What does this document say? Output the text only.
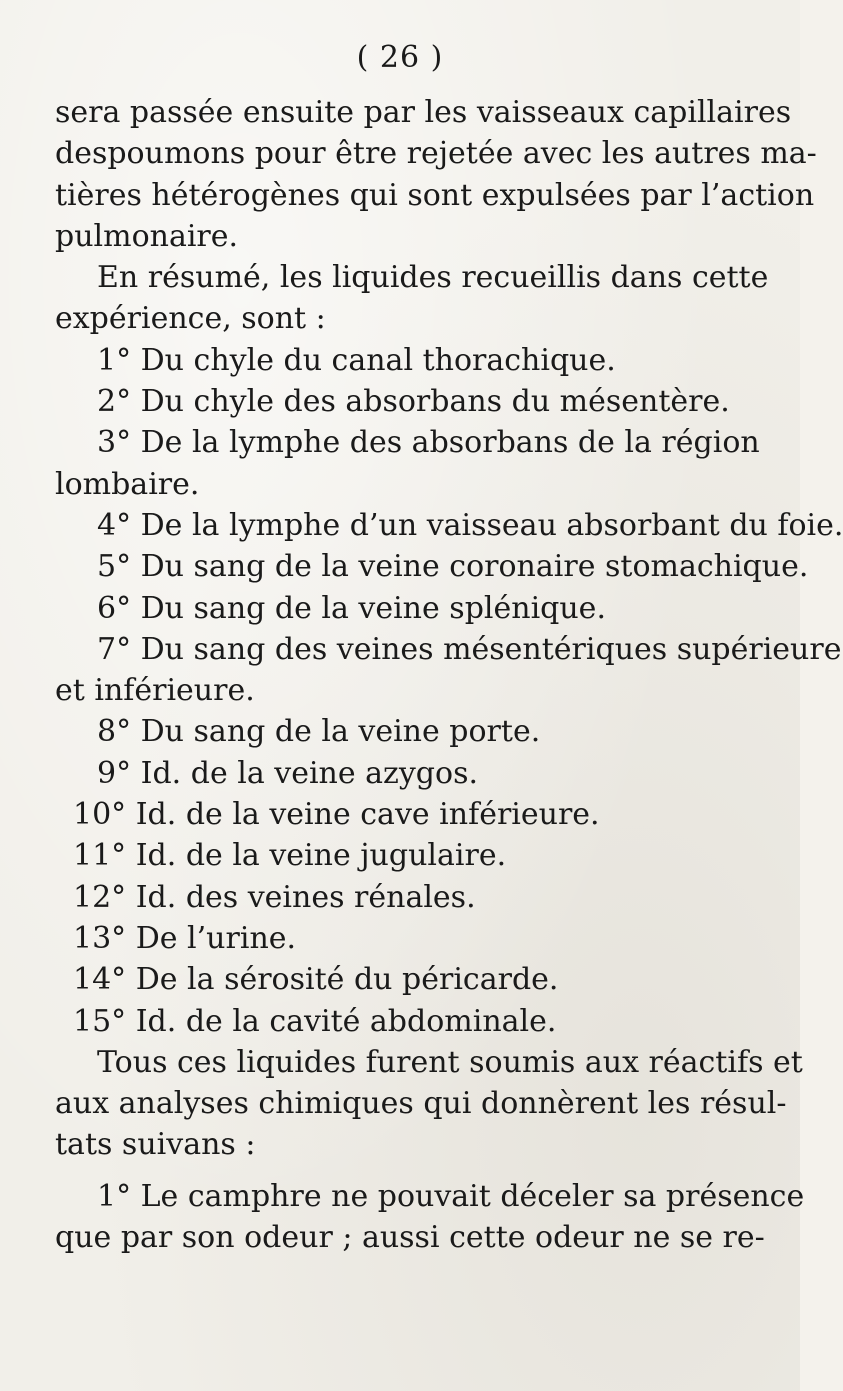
( 26 )
sera passée ensuite par les vaisseaux capillaires
despoumons pour être rejetée avec les autres ma-
tières hétérogènes qui sont expulsées par l’action
pulmonaire.
En résumé, les liquides recueillis dans cette
expérience, sont :
1° Du chyle du canal thorachique.
2° Du chyle des absorbans du mésentère.
3° De la lymphe des absorbans de la région
lombaire.
4° De la lymphe d’un vaisseau absorbant du foie.
5° Du sang de la veine coronaire stomachique.
6° Du sang de la veine splénique.
7° Du sang des veines mésentériques supérieure
et inférieure.
8° Du sang de la veine porte.
9° Id. de la veine azygos.
10° Id. de la veine cave inférieure.
11° Id. de la veine jugulaire.
12° Id. des veines rénales.
13° De l’urine.
14° De la sérosité du péricarde.
15° Id. de la cavité abdominale.
Tous ces liquides furent soumis aux réactifs et
aux analyses chimiques qui donnèrent les résul-
tats suivans :
1° Le camphre ne pouvait déceler sa présence
que par son odeur ; aussi cette odeur ne se re-
